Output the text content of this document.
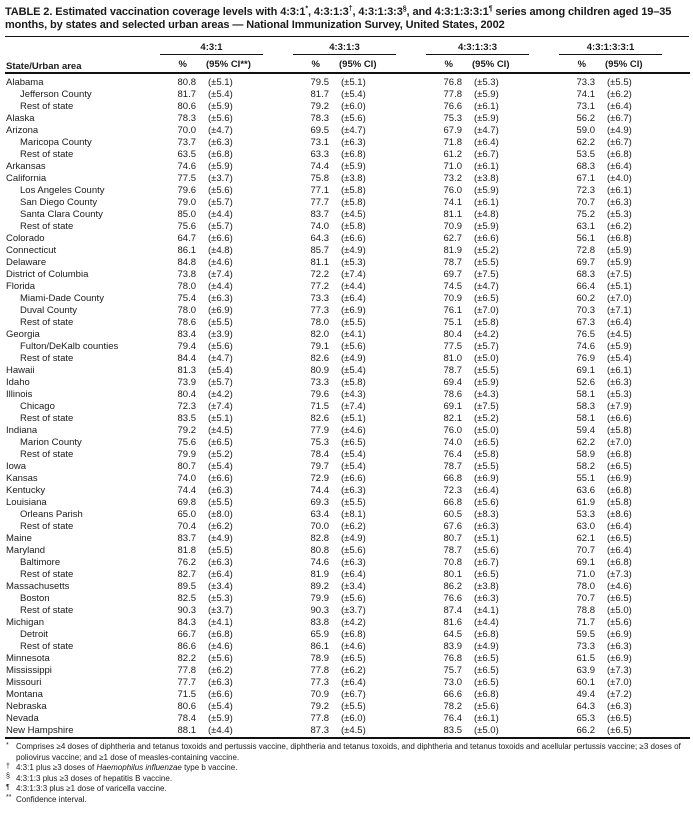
TABLE 2. Estimated vaccination coverage levels with 4:3:1*, 4:3:1:3†, 4:3:1:3:3§, and 4:3:1:3:3:1¶ series among children aged 19–35 months, by states and selected urban areas — National Immunization Survey, United States, 2002
State/Urban area	4:3:1		4:3:1:3		4:3:1:3:3		4:3:1:3:3:1	

	%	(95% CI**)	%	(95% CI)	%	(95% CI)	%	(95% CI)
Alabama	80.8	(±5.1)	79.5	(±5.1)	76.8	(±5.3)	73.3	(±5.5)
Jefferson County	81.7	(±5.4)	81.7	(±5.4)	77.8	(±5.9)	74.1	(±6.2)
Rest of state	80.6	(±5.9)	79.2	(±6.0)	76.6	(±6.1)	73.1	(±6.4)
Alaska	78.3	(±5.6)	78.3	(±5.6)	75.3	(±5.9)	56.2	(±6.7)
Arizona	70.0	(±4.7)	69.5	(±4.7)	67.9	(±4.7)	59.0	(±4.9)
Maricopa County	73.7	(±6.3)	73.1	(±6.3)	71.8	(±6.4)	62.2	(±6.7)
Rest of state	63.5	(±6.8)	63.3	(±6.8)	61.2	(±6.7)	53.5	(±6.8)
Arkansas	74.6	(±5.9)	74.4	(±5.9)	71.0	(±6.1)	68.3	(±6.4)
California	77.5	(±3.7)	75.8	(±3.8)	73.2	(±3.8)	67.1	(±4.0)
Los Angeles County	79.6	(±5.6)	77.1	(±5.8)	76.0	(±5.9)	72.3	(±6.1)
San Diego County	79.0	(±5.7)	77.7	(±5.8)	74.1	(±6.1)	70.7	(±6.3)
Santa Clara County	85.0	(±4.4)	83.7	(±4.5)	81.1	(±4.8)	75.2	(±5.3)
Rest of state	75.6	(±5.7)	74.0	(±5.8)	70.9	(±5.9)	63.1	(±6.2)
Colorado	64.7	(±6.6)	64.3	(±6.6)	62.7	(±6.6)	56.1	(±6.8)
Connecticut	86.1	(±4.8)	85.7	(±4.9)	81.9	(±5.2)	72.8	(±5.9)
Delaware	84.8	(±4.6)	81.1	(±5.3)	78.7	(±5.5)	69.7	(±5.9)
District of Columbia	73.8	(±7.4)	72.2	(±7.4)	69.7	(±7.5)	68.3	(±7.5)
Florida	78.0	(±4.4)	77.2	(±4.4)	74.5	(±4.7)	66.4	(±5.1)
Miami-Dade County	75.4	(±6.3)	73.3	(±6.4)	70.9	(±6.5)	60.2	(±7.0)
Duval County	78.0	(±6.9)	77.3	(±6.9)	76.1	(±7.0)	70.3	(±7.1)
Rest of state	78.6	(±5.5)	78.0	(±5.5)	75.1	(±5.8)	67.3	(±6.4)
Georgia	83.4	(±3.9)	82.0	(±4.1)	80.4	(±4.2)	76.5	(±4.5)
Fulton/DeKalb counties	79.4	(±5.6)	79.1	(±5.6)	77.5	(±5.7)	74.6	(±5.9)
Rest of state	84.4	(±4.7)	82.6	(±4.9)	81.0	(±5.0)	76.9	(±5.4)
Hawaii	81.3	(±5.4)	80.9	(±5.4)	78.7	(±5.5)	69.1	(±6.1)
Idaho	73.9	(±5.7)	73.3	(±5.8)	69.4	(±5.9)	52.6	(±6.3)
Illinois	80.4	(±4.2)	79.6	(±4.3)	78.6	(±4.3)	58.1	(±5.3)
Chicago	72.3	(±7.4)	71.5	(±7.4)	69.1	(±7.5)	58.3	(±7.9)
Rest of state	83.5	(±5.1)	82.6	(±5.1)	82.1	(±5.2)	58.1	(±6.6)
Indiana	79.2	(±4.5)	77.9	(±4.6)	76.0	(±5.0)	59.4	(±5.8)
Marion County	75.6	(±6.5)	75.3	(±6.5)	74.0	(±6.5)	62.2	(±7.0)
Rest of state	79.9	(±5.2)	78.4	(±5.4)	76.4	(±5.8)	58.9	(±6.8)
Iowa	80.7	(±5.4)	79.7	(±5.4)	78.7	(±5.5)	58.2	(±6.5)
Kansas	74.0	(±6.6)	72.9	(±6.6)	66.8	(±6.9)	55.1	(±6.9)
Kentucky	74.4	(±6.3)	74.4	(±6.3)	72.3	(±6.4)	63.6	(±6.8)
Louisiana	69.8	(±5.5)	69.3	(±5.5)	66.8	(±5.6)	61.9	(±5.8)
Orleans Parish	65.0	(±8.0)	63.4	(±8.1)	60.5	(±8.3)	53.3	(±8.6)
Rest of state	70.4	(±6.2)	70.0	(±6.2)	67.6	(±6.3)	63.0	(±6.4)
Maine	83.7	(±4.9)	82.8	(±4.9)	80.7	(±5.1)	62.1	(±6.5)
Maryland	81.8	(±5.5)	80.8	(±5.6)	78.7	(±5.6)	70.7	(±6.4)
Baltimore	76.2	(±6.3)	74.6	(±6.3)	70.8	(±6.7)	69.1	(±6.8)
Rest of state	82.7	(±6.4)	81.9	(±6.4)	80.1	(±6.5)	71.0	(±7.3)
Massachusetts	89.5	(±3.4)	89.2	(±3.4)	86.2	(±3.8)	78.0	(±4.6)
Boston	82.5	(±5.3)	79.9	(±5.6)	76.6	(±6.3)	70.7	(±6.5)
Rest of state	90.3	(±3.7)	90.3	(±3.7)	87.4	(±4.1)	78.8	(±5.0)
Michigan	84.3	(±4.1)	83.8	(±4.2)	81.6	(±4.4)	71.7	(±5.6)
Detroit	66.7	(±6.8)	65.9	(±6.8)	64.5	(±6.8)	59.5	(±6.9)
Rest of state	86.6	(±4.6)	86.1	(±4.6)	83.9	(±4.9)	73.3	(±6.3)
Minnesota	82.2	(±5.6)	78.9	(±6.5)	76.8	(±6.5)	61.5	(±6.9)
Mississippi	77.8	(±6.2)	77.8	(±6.2)	75.7	(±6.5)	63.9	(±7.3)
Missouri	77.7	(±6.3)	77.3	(±6.4)	73.0	(±6.5)	60.1	(±7.0)
Montana	71.5	(±6.6)	70.9	(±6.7)	66.6	(±6.8)	49.4	(±7.2)
Nebraska	80.6	(±5.4)	79.2	(±5.5)	78.2	(±5.6)	64.3	(±6.3)
Nevada	78.4	(±5.9)	77.8	(±6.0)	76.4	(±6.1)	65.3	(±6.5)
New Hampshire	88.1	(±4.4)	87.3	(±4.5)	83.5	(±5.0)	66.2	(±6.5)
* Comprises ≥4 doses of diphtheria and tetanus toxoids and pertussis vaccine, diphtheria and tetanus toxoids, and diphtheria and tetanus toxoids and acellular pertussis vaccine; ≥3 doses of poliovirus vaccine; and ≥1 dose of measles-containing vaccine.
† 4:3:1 plus ≥3 doses of Haemophilus influenzae type b vaccine.
§ 4:3:1:3 plus ≥3 doses of hepatitis B vaccine.
¶ 4:3:1:3:3 plus ≥1 dose of varicella vaccine.
** Confidence interval.
